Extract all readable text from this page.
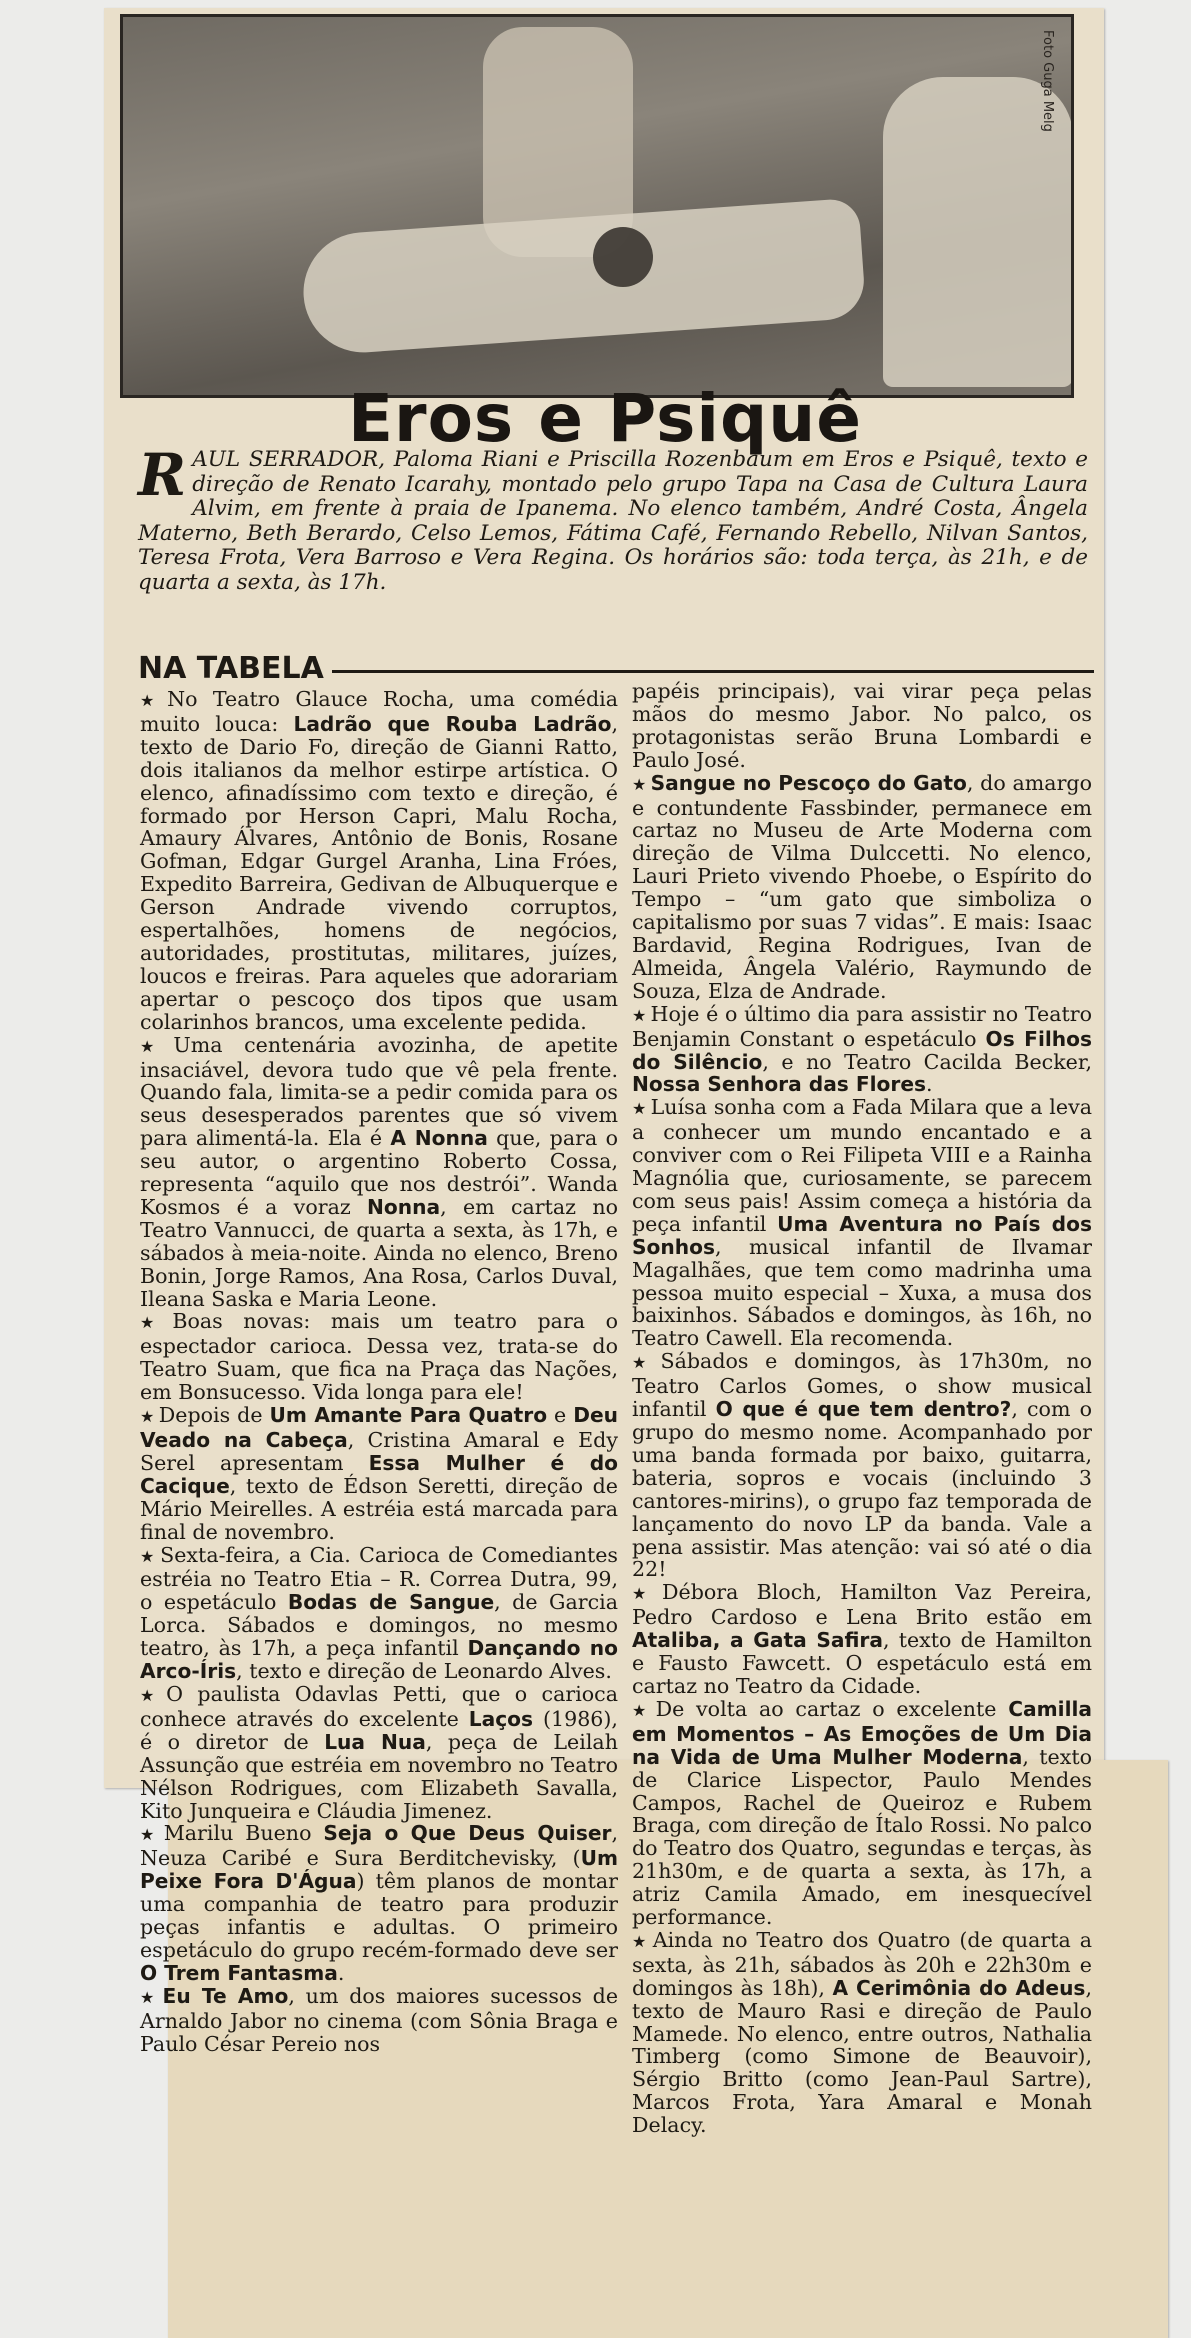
Foto Guga Melg
Eros e Psiquê
RAUL SERRADOR, Paloma Riani e Priscilla Rozenbaum em Eros e Psiquê, texto e direção de Renato Icarahy, montado pelo grupo Tapa na Casa de Cultura Laura Alvim, em frente à praia de Ipanema. No elenco também, André Costa, Ângela Materno, Beth Berardo, Celso Lemos, Fátima Café, Fernando Rebello, Nilvan Santos, Teresa Frota, Vera Barroso e Vera Regina. Os horários são: toda terça, às 21h, e de quarta a sexta, às 17h.
NA TABELA

★ No Teatro Glauce Rocha, uma comédia muito louca: Ladrão que Rouba Ladrão, texto de Dario Fo, direção de Gianni Ratto, dois italianos da melhor estirpe artística. O elenco, afinadíssimo com texto e direção, é formado por Herson Capri, Malu Rocha, Amaury Álvares, Antônio de Bonis, Rosane Gofman, Edgar Gurgel Aranha, Lina Fróes, Expedito Barreira, Gedivan de Albuquerque e Gerson Andrade vivendo corruptos, espertalhões, homens de negócios, autoridades, prostitutas, militares, juízes, loucos e freiras. Para aqueles que adorariam apertar o pescoço dos tipos que usam colarinhos brancos, uma excelente pedida.

★ Uma centenária avozinha, de apetite insaciável, devora tudo que vê pela frente. Quando fala, limita-se a pedir comida para os seus desesperados parentes que só vivem para alimentá-la. Ela é A Nonna que, para o seu autor, o argentino Roberto Cossa, representa “aquilo que nos destrói”. Wanda Kosmos é a voraz Nonna, em cartaz no Teatro Vannucci, de quarta a sexta, às 17h, e sábados à meia-noite. Ainda no elenco, Breno Bonin, Jorge Ramos, Ana Rosa, Carlos Duval, Ileana Saska e Maria Leone.

★ Boas novas: mais um teatro para o espectador carioca. Dessa vez, trata-se do Teatro Suam, que fica na Praça das Nações, em Bonsucesso. Vida longa para ele!

★ Depois de Um Amante Para Quatro e Deu Veado na Cabeça, Cristina Amaral e Edy Serel apresentam Essa Mulher é do Cacique, texto de Édson Seretti, direção de Mário Meirelles. A estréia está marcada para final de novembro.

★ Sexta-feira, a Cia. Carioca de Comediantes estréia no Teatro Etia – R. Correa Dutra, 99, o espetáculo Bodas de Sangue, de Garcia Lorca. Sábados e domingos, no mesmo teatro, às 17h, a peça infantil Dançando no Arco-Íris, texto e direção de Leonardo Alves.

★ O paulista Odavlas Petti, que o carioca conhece através do excelente Laços (1986), é o diretor de Lua Nua, peça de Leilah Assunção que estréia em novembro no Teatro Nélson Rodrigues, com Elizabeth Savalla, Kito Junqueira e Cláudia Jimenez.

★ Marilu Bueno Seja o Que Deus Quiser, Neuza Caribé e Sura Berditchevisky, (Um Peixe Fora D'Água) têm planos de montar uma companhia de teatro para produzir peças infantis e adultas. O primeiro espetáculo do grupo recém-formado deve ser O Trem Fantasma.

★ Eu Te Amo, um dos maiores sucessos de Arnaldo Jabor no cinema (com Sônia Braga e Paulo César Pereio nos

papéis principais), vai virar peça pelas mãos do mesmo Jabor. No palco, os protagonistas serão Bruna Lombardi e Paulo José.

★ Sangue no Pescoço do Gato, do amargo e contundente Fassbinder, permanece em cartaz no Museu de Arte Moderna com direção de Vilma Dulccetti. No elenco, Lauri Prieto vivendo Phoebe, o Espírito do Tempo – “um gato que simboliza o capitalismo por suas 7 vidas”. E mais: Isaac Bardavid, Regina Rodrigues, Ivan de Almeida, Ângela Valério, Raymundo de Souza, Elza de Andrade.

★ Hoje é o último dia para assistir no Teatro Benjamin Constant o espetáculo Os Filhos do Silêncio, e no Teatro Cacilda Becker, Nossa Senhora das Flores.

★ Luísa sonha com a Fada Milara que a leva a conhecer um mundo encantado e a conviver com o Rei Filipeta VIII e a Rainha Magnólia que, curiosamente, se parecem com seus pais! Assim começa a história da peça infantil Uma Aventura no País dos Sonhos, musical infantil de Ilvamar Magalhães, que tem como madrinha uma pessoa muito especial – Xuxa, a musa dos baixinhos. Sábados e domingos, às 16h, no Teatro Cawell. Ela recomenda.

★ Sábados e domingos, às 17h30m, no Teatro Carlos Gomes, o show musical infantil O que é que tem dentro?, com o grupo do mesmo nome. Acompanhado por uma banda formada por baixo, guitarra, bateria, sopros e vocais (incluindo 3 cantores-mirins), o grupo faz temporada de lançamento do novo LP da banda. Vale a pena assistir. Mas atenção: vai só até o dia 22!

★ Débora Bloch, Hamilton Vaz Pereira, Pedro Cardoso e Lena Brito estão em Ataliba, a Gata Safira, texto de Hamilton e Fausto Fawcett. O espetáculo está em cartaz no Teatro da Cidade.

★ De volta ao cartaz o excelente Camilla em Momentos – As Emoções de Um Dia na Vida de Uma Mulher Moderna, texto de Clarice Lispector, Paulo Mendes Campos, Rachel de Queiroz e Rubem Braga, com direção de Ítalo Rossi. No palco do Teatro dos Quatro, segundas e terças, às 21h30m, e de quarta a sexta, às 17h, a atriz Camila Amado, em inesquecível performance.

★ Ainda no Teatro dos Quatro (de quarta a sexta, às 21h, sábados às 20h e 22h30m e domingos às 18h), A Cerimônia do Adeus, texto de Mauro Rasi e direção de Paulo Mamede. No elenco, entre outros, Nathalia Timberg (como Simone de Beauvoir), Sérgio Britto (como Jean-Paul Sartre), Marcos Frota, Yara Amaral e Monah Delacy.
